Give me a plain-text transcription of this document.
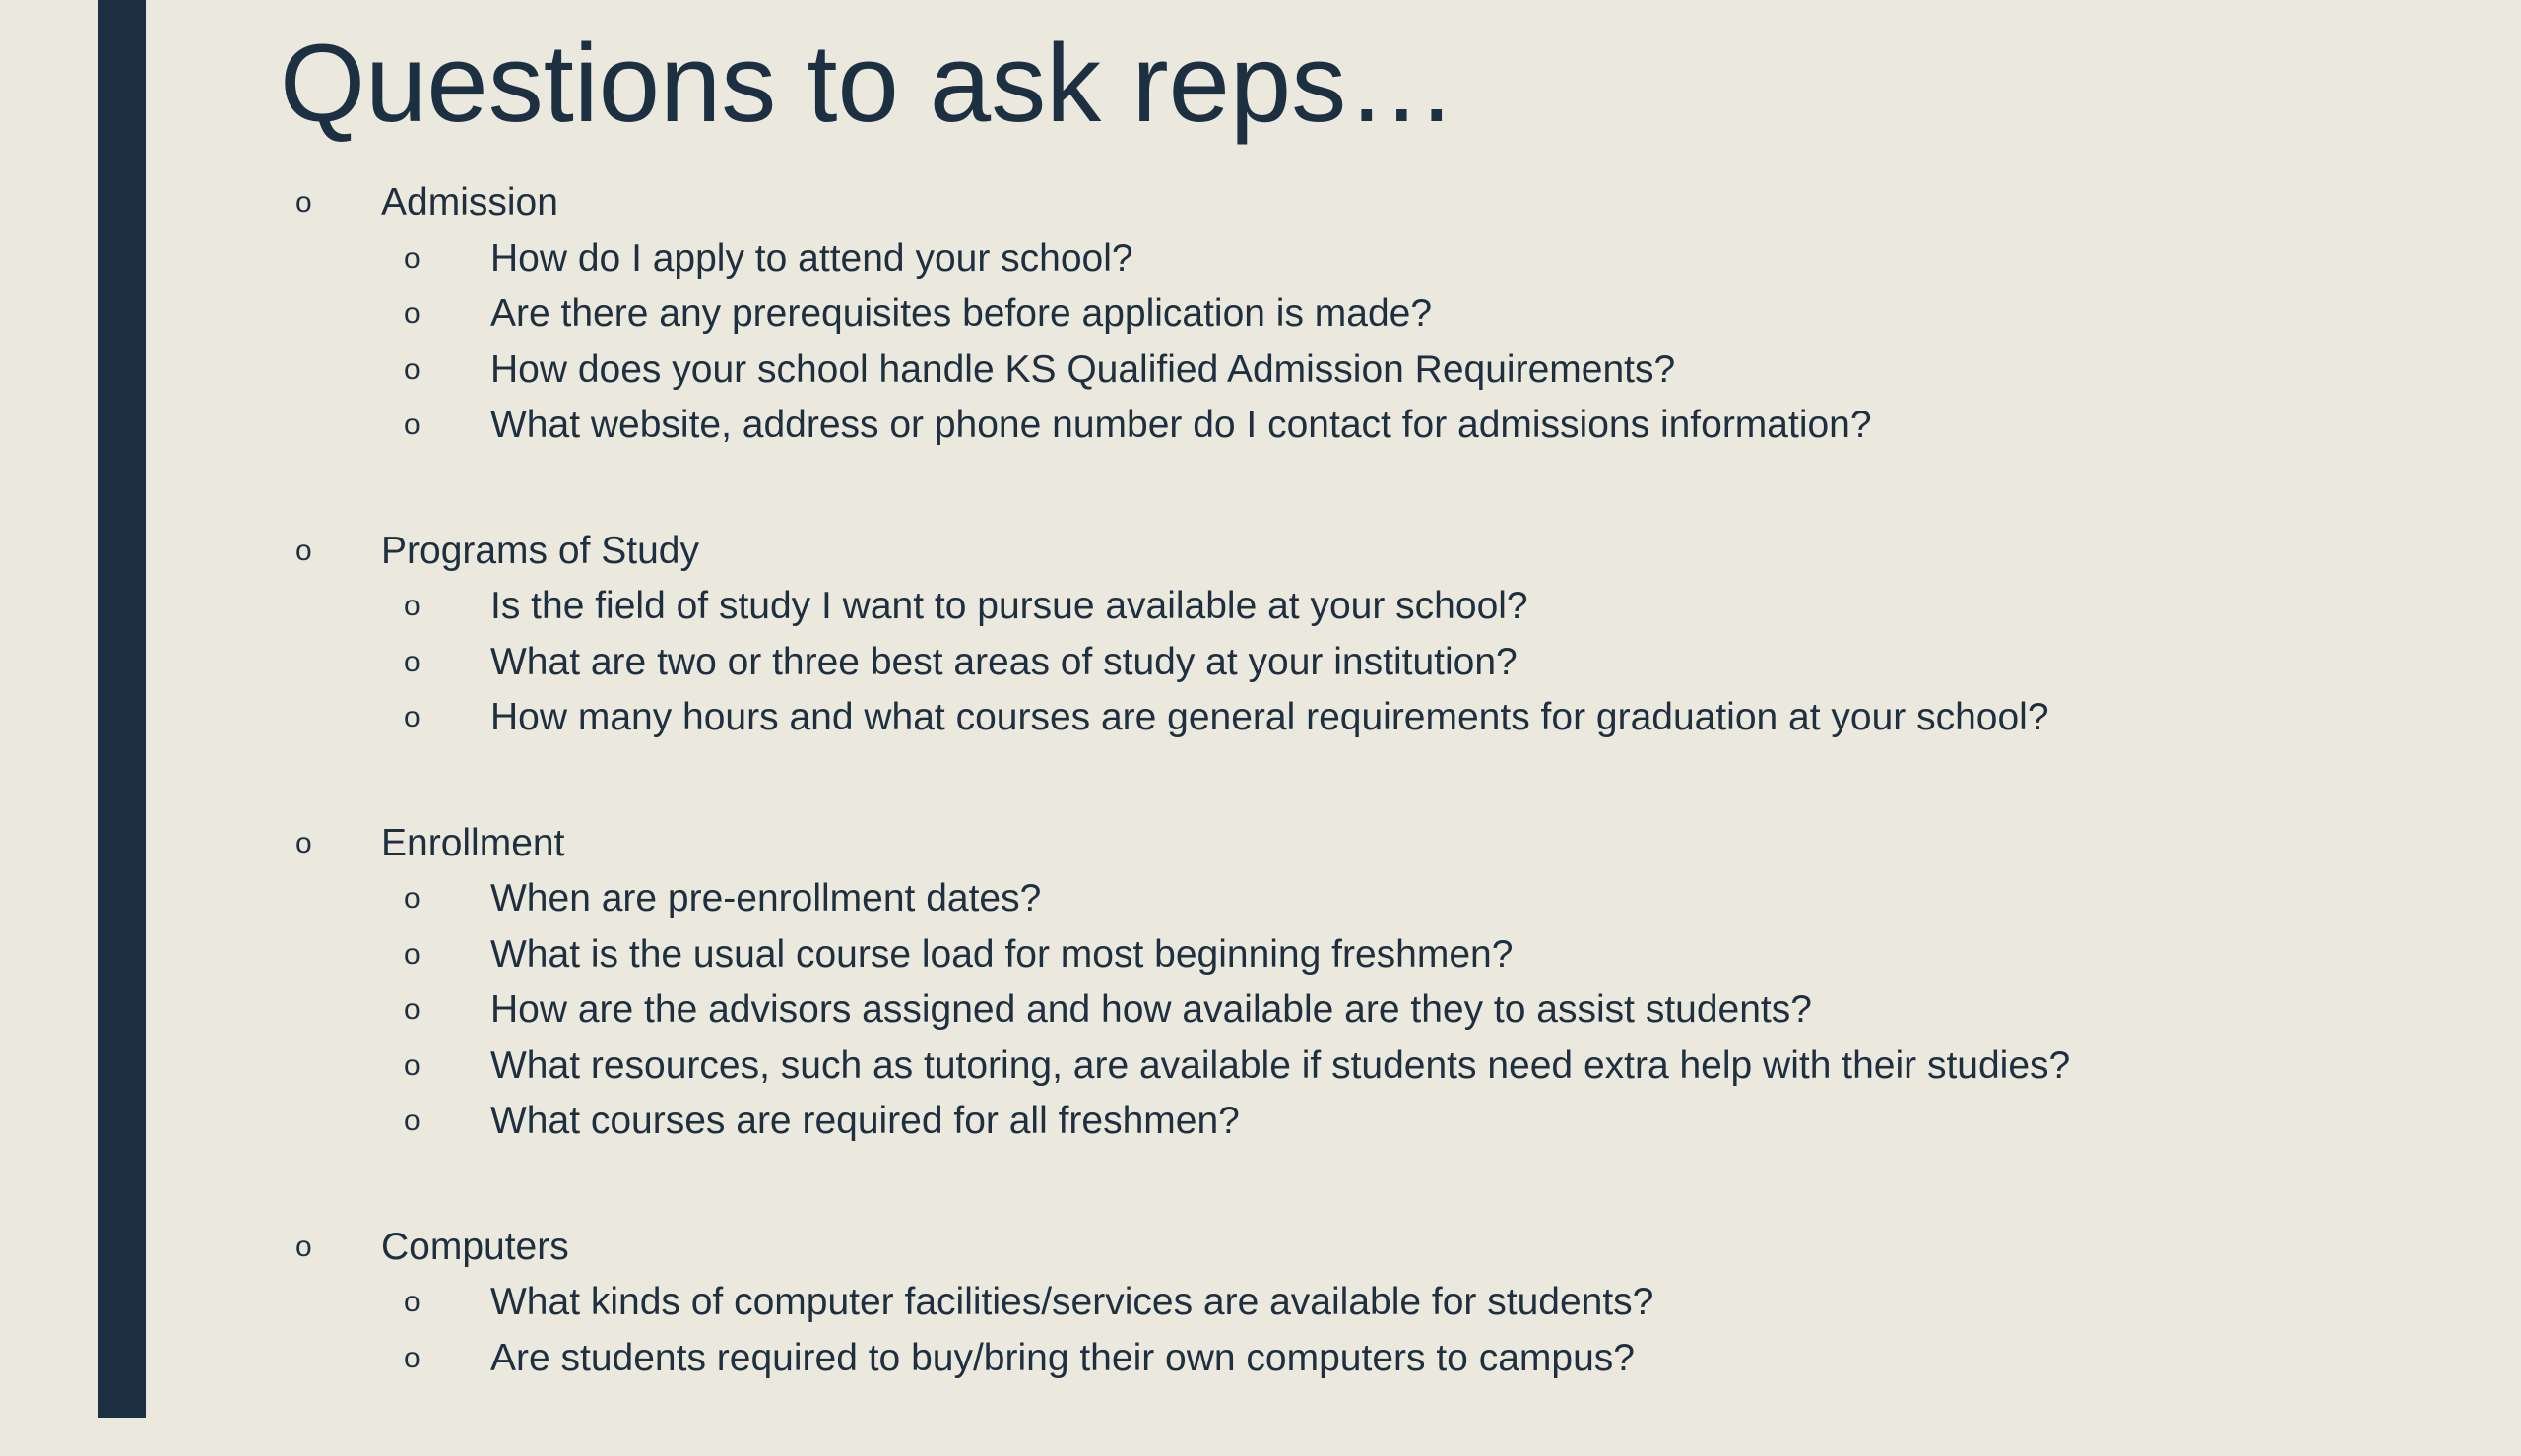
Questions to ask reps…
o Admission
o How do I apply to attend your school?
o Are there any prerequisites before application is made?
o How does your school handle KS Qualified Admission Requirements?
o What website, address or phone number do I contact for admissions information?
o Programs of Study
o Is the field of study I want to pursue available at your school?
o What are two or three best areas of study at your institution?
o How many hours and what courses are general requirements for graduation at your school?
o Enrollment
o When are pre-enrollment dates?
o What is the usual course load for most beginning freshmen?
o How are the advisors assigned and how available are they to assist students?
o What resources, such as tutoring, are available if students need extra help with their studies?
o What courses are required for all freshmen?
o Computers
o What kinds of computer facilities/services are available for students?
o Are students required to buy/bring their own computers to campus?
